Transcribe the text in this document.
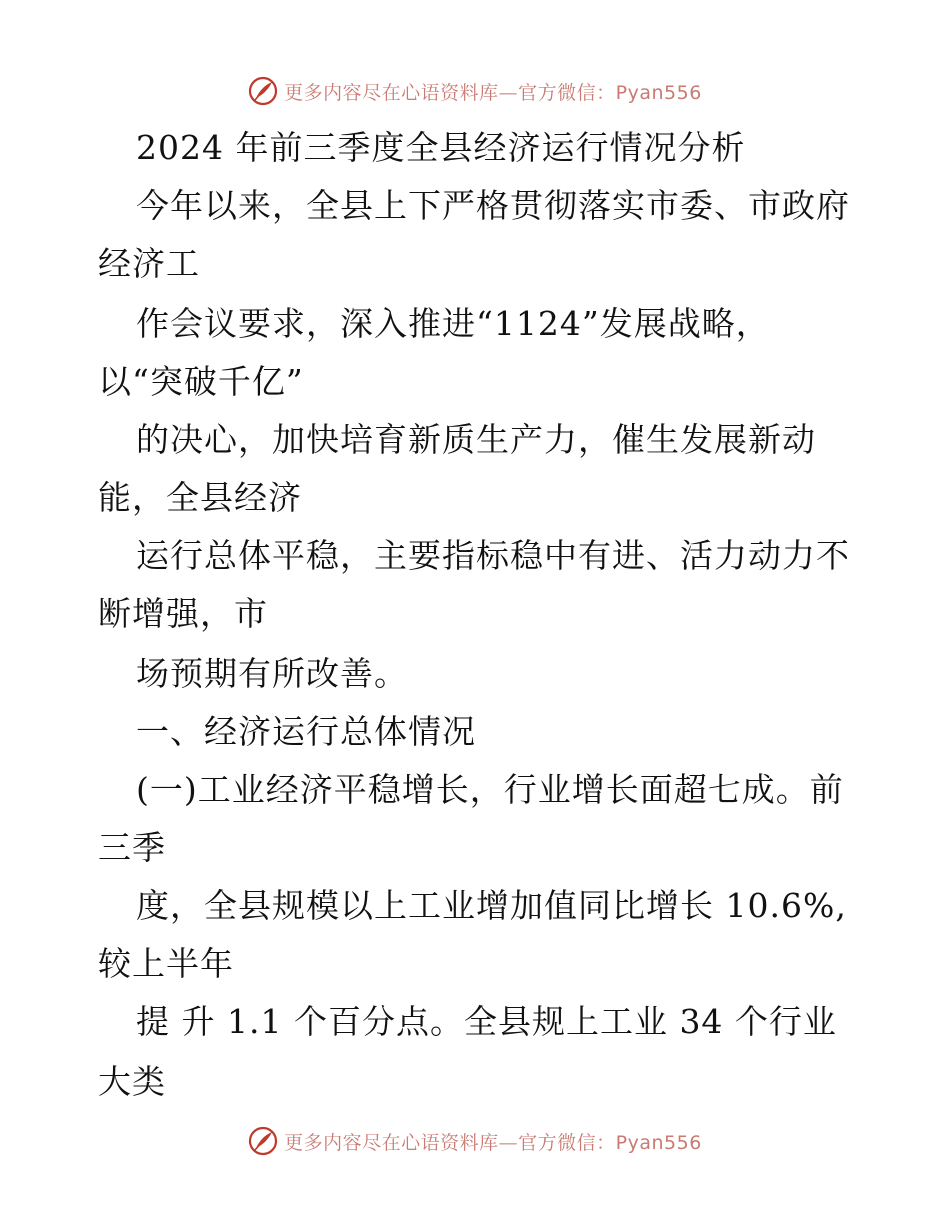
更多内容尽在心语资料库—官方微信：Pyan556
2024 年前三季度全县经济运行情况分析
今年以来，全县上下严格贯彻落实市委、市政府
经济工
作会议要求，深入推进“1124”发展战略，
以“突破千亿”
的决心，加快培育新质生产力，催生发展新动
能，全县经济
运行总体平稳，主要指标稳中有进、活力动力不
断增强，市
场预期有所改善。
一、经济运行总体情况
(一)工业经济平稳增长，行业增长面超七成。前
三季
度，全县规模以上工业增加值同比增长 10.6%,
较上半年
提 升 1.1 个百分点。全县规上工业 34 个行业
大类
更多内容尽在心语资料库—官方微信：Pyan556
